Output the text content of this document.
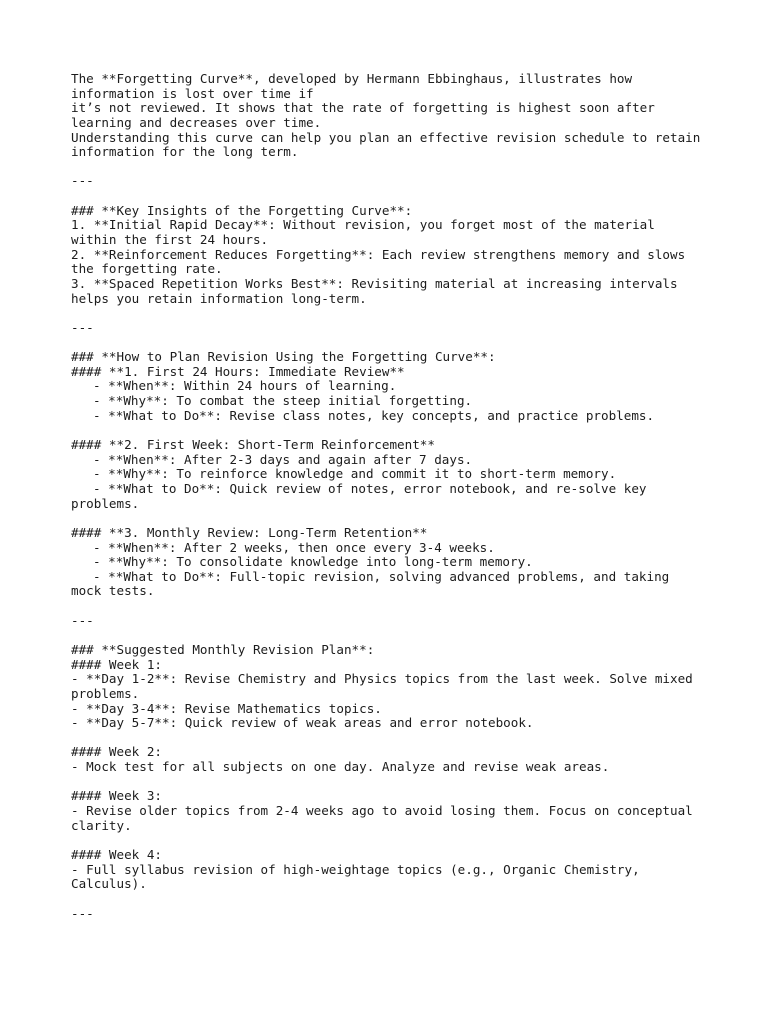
The **Forgetting Curve**, developed by Hermann Ebbinghaus, illustrates how
information is lost over time if
it’s not reviewed. It shows that the rate of forgetting is highest soon after
learning and decreases over time.
Understanding this curve can help you plan an effective revision schedule to retain
information for the long term.
---
### **Key Insights of the Forgetting Curve**:
1. **Initial Rapid Decay**: Without revision, you forget most of the material
within the first 24 hours.
2. **Reinforcement Reduces Forgetting**: Each review strengthens memory and slows
the forgetting rate.
3. **Spaced Repetition Works Best**: Revisiting material at increasing intervals
helps you retain information long-term.
---
### **How to Plan Revision Using the Forgetting Curve**:
#### **1. First 24 Hours: Immediate Review**
- **When**: Within 24 hours of learning.
- **Why**: To combat the steep initial forgetting.
- **What to Do**: Revise class notes, key concepts, and practice problems.
#### **2. First Week: Short-Term Reinforcement**
- **When**: After 2-3 days and again after 7 days.
- **Why**: To reinforce knowledge and commit it to short-term memory.
- **What to Do**: Quick review of notes, error notebook, and re-solve key
problems.
#### **3. Monthly Review: Long-Term Retention**
- **When**: After 2 weeks, then once every 3-4 weeks.
- **Why**: To consolidate knowledge into long-term memory.
- **What to Do**: Full-topic revision, solving advanced problems, and taking
mock tests.
---
### **Suggested Monthly Revision Plan**:
#### Week 1:
- **Day 1-2**: Revise Chemistry and Physics topics from the last week. Solve mixed
problems.
- **Day 3-4**: Revise Mathematics topics.
- **Day 5-7**: Quick review of weak areas and error notebook.
#### Week 2:
- Mock test for all subjects on one day. Analyze and revise weak areas.
#### Week 3:
- Revise older topics from 2-4 weeks ago to avoid losing them. Focus on conceptual
clarity.
#### Week 4:
- Full syllabus revision of high-weightage topics (e.g., Organic Chemistry,
Calculus).
---
